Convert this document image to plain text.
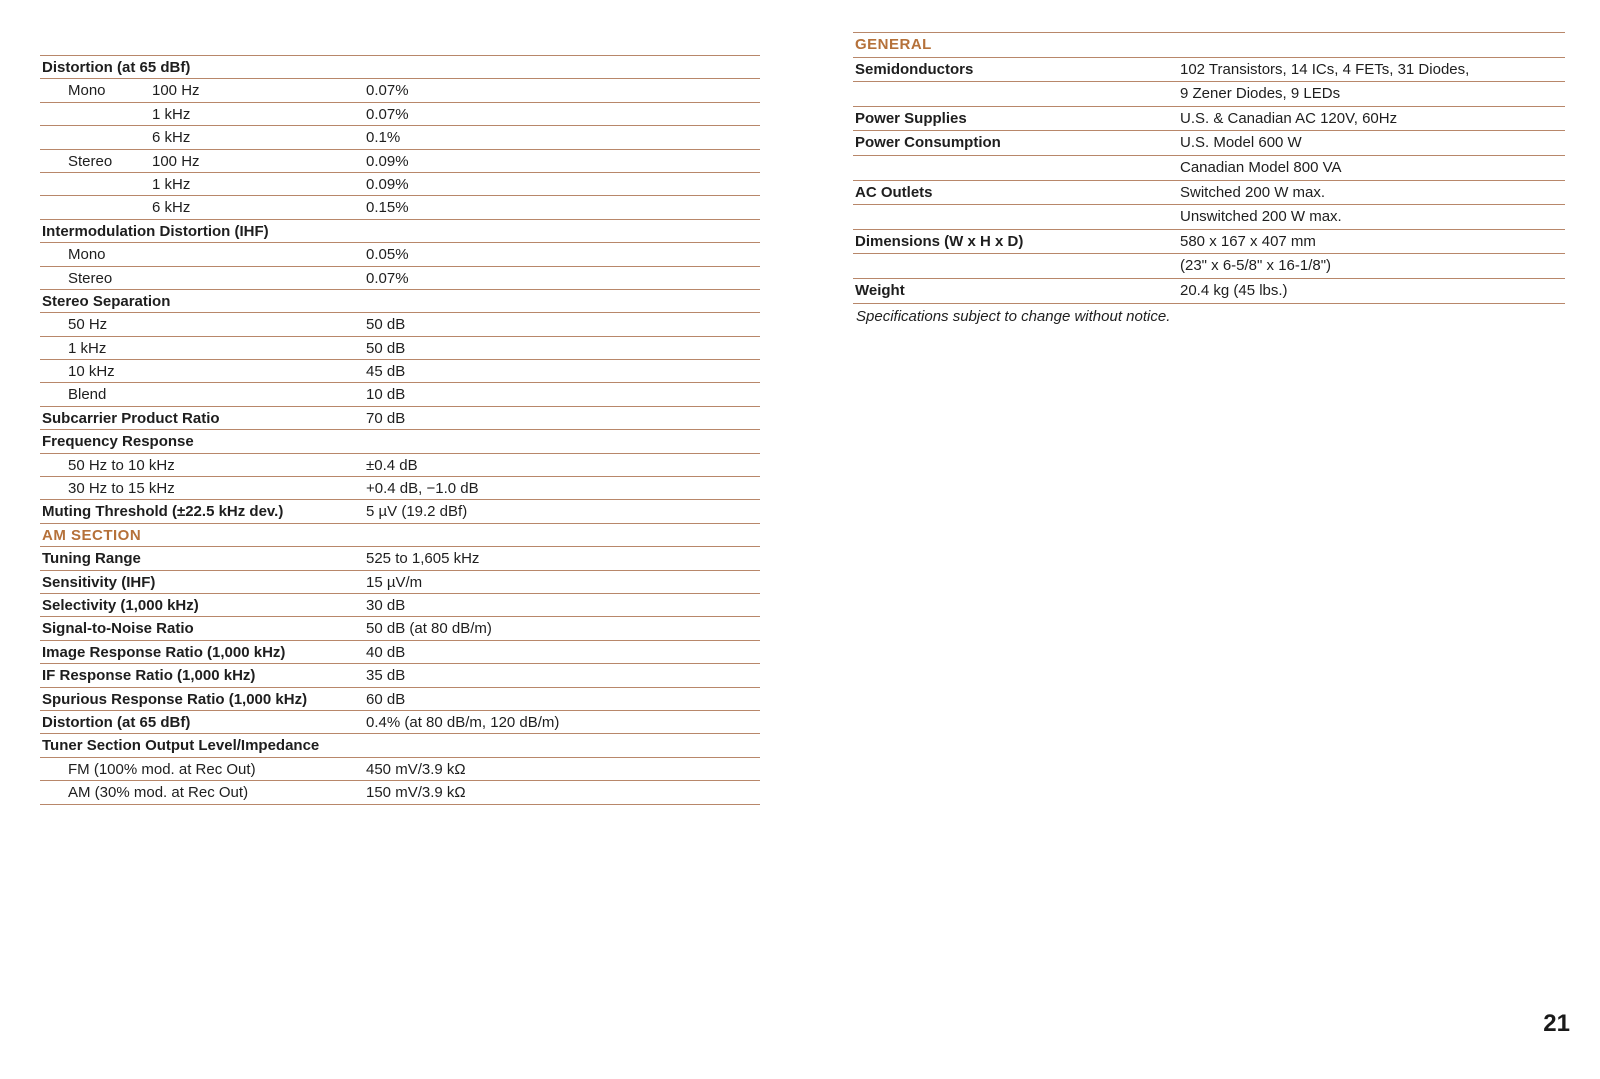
Distortion (at 65 dBf)
Mono	100 Hz	0.07%
1 kHz	0.07%
6 kHz	0.1%
Stereo	100 Hz	0.09%
1 kHz	0.09%
6 kHz	0.15%
Intermodulation Distortion (IHF)
Mono	0.05%
Stereo	0.07%
Stereo Separation
50 Hz	50 dB
1 kHz	50 dB
10 kHz	45 dB
Blend	10 dB
Subcarrier Product Ratio	70 dB
Frequency Response
50 Hz to 10 kHz	±0.4 dB
30 Hz to 15 kHz	+0.4 dB, −1.0 dB
Muting Threshold (±22.5 kHz dev.)	5 µV (19.2 dBf)
AM SECTION
Tuning Range	525 to 1,605 kHz
Sensitivity (IHF)	15 µV/m
Selectivity (1,000 kHz)	30 dB
Signal-to-Noise Ratio	50 dB (at 80 dB/m)
Image Response Ratio (1,000 kHz)	40 dB
IF Response Ratio (1,000 kHz)	35 dB
Spurious Response Ratio (1,000 kHz)	60 dB
Distortion (at 65 dBf)	0.4% (at 80 dB/m, 120 dB/m)
Tuner Section Output Level/Impedance
FM (100% mod. at Rec Out)	450 mV/3.9 kΩ
AM (30% mod. at Rec Out)	150 mV/3.9 kΩ
GENERAL
Semidonductors	102 Transistors, 14 ICs, 4 FETs, 31 Diodes,
9 Zener Diodes, 9 LEDs
Power Supplies	U.S. & Canadian AC 120V, 60Hz
Power Consumption	U.S. Model 600 W
Canadian Model 800 VA
AC Outlets	Switched 200 W max.
Unswitched 200 W max.
Dimensions (W x H x D)	580 x 167 x 407 mm
(23" x 6-5/8" x 16-1/8")
Weight	20.4 kg (45 lbs.)
Specifications subject to change without notice.
21
